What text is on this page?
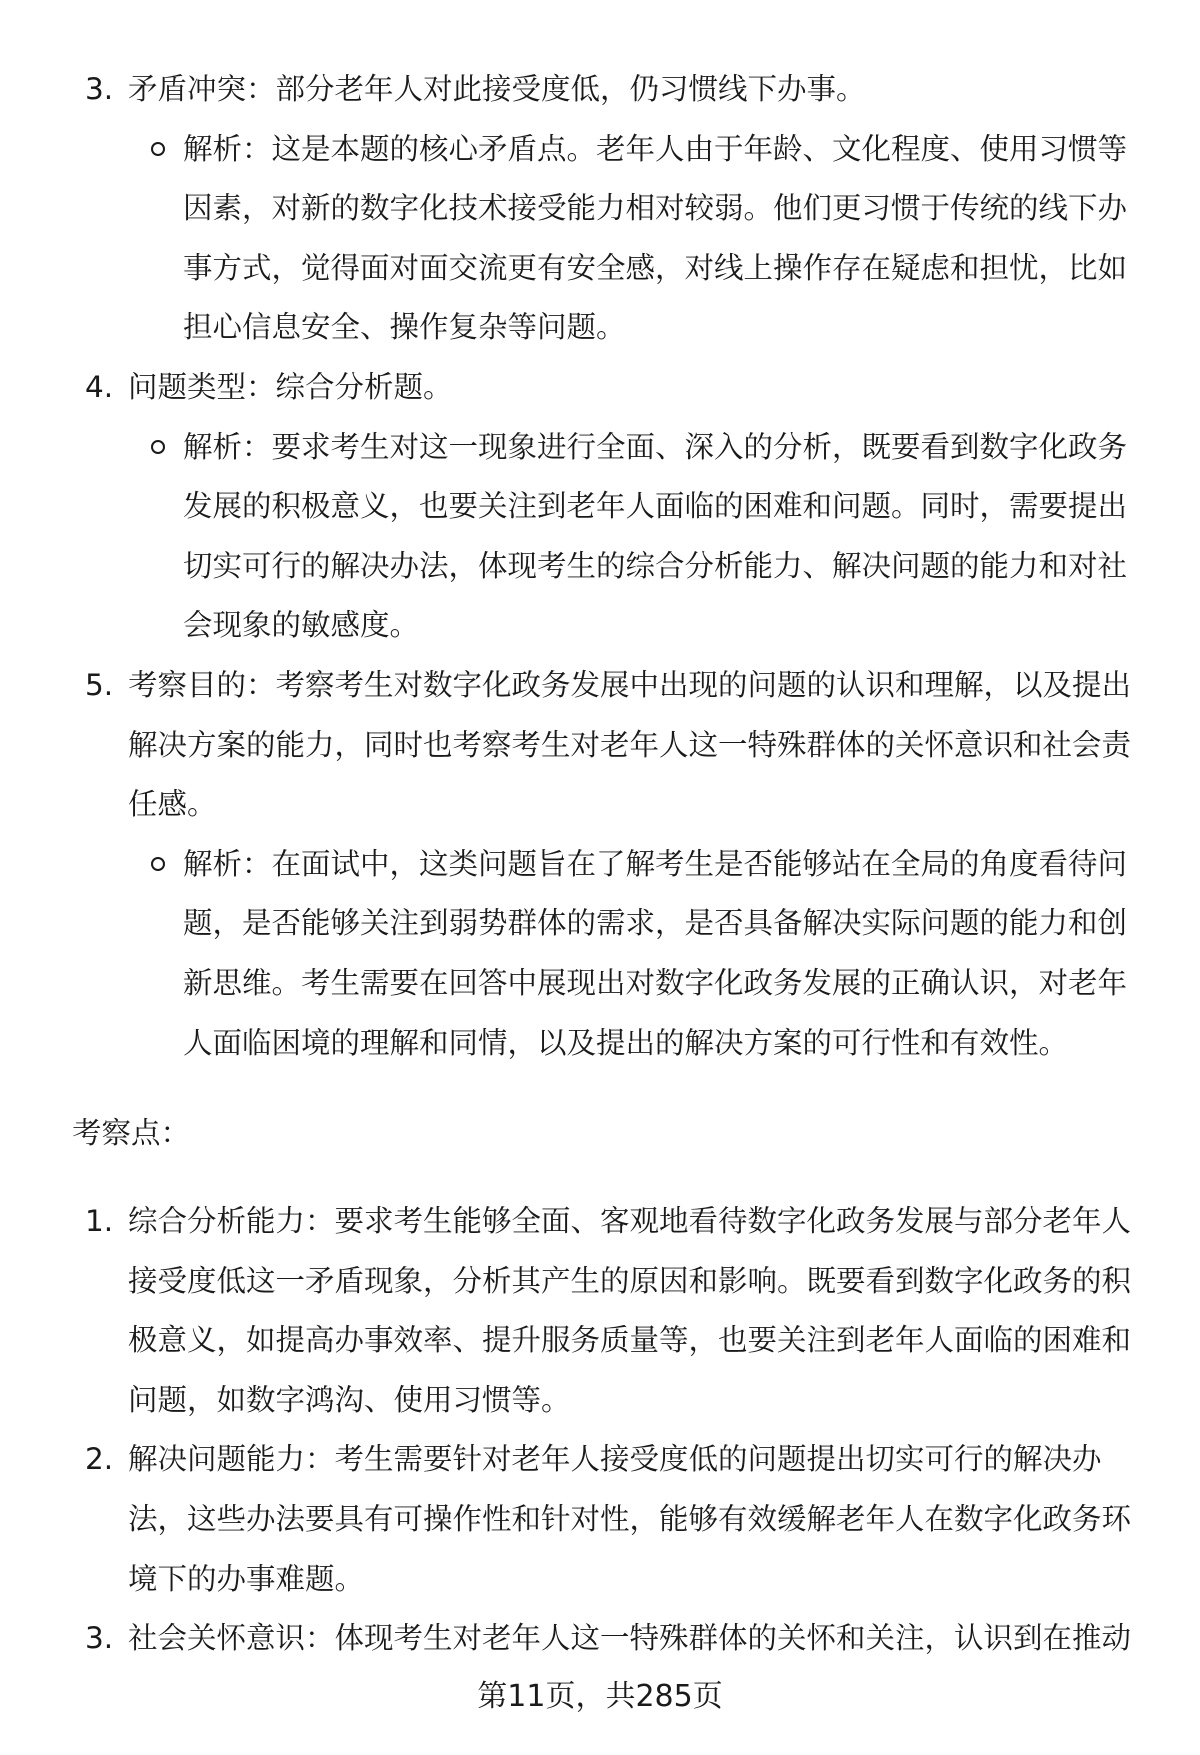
考察点：
第11页，共285页
3. 矛盾冲突：部分老年人对此接受度低，仍习惯线下办事。
解析：这是本题的核心矛盾点。老年人由于年龄、文化程度、使用习惯等
因素，对新的数字化技术接受能力相对较弱。他们更习惯于传统的线下办
事方式，觉得面对面交流更有安全感，对线上操作存在疑虑和担忧，比如
担心信息安全、操作复杂等问题。
4. 问题类型：综合分析题。
解析：要求考生对这一现象进行全面、深入的分析，既要看到数字化政务
发展的积极意义，也要关注到老年人面临的困难和问题。同时，需要提出
切实可行的解决办法，体现考生的综合分析能力、解决问题的能力和对社
会现象的敏感度。
5. 考察目的：考察考生对数字化政务发展中出现的问题的认识和理解，以及提出
解决方案的能力，同时也考察考生对老年人这一特殊群体的关怀意识和社会责
任感。
解析：在面试中，这类问题旨在了解考生是否能够站在全局的角度看待问
题，是否能够关注到弱势群体的需求，是否具备解决实际问题的能力和创
新思维。考生需要在回答中展现出对数字化政务发展的正确认识，对老年
人面临困境的理解和同情，以及提出的解决方案的可行性和有效性。
1. 综合分析能力：要求考生能够全面、客观地看待数字化政务发展与部分老年人
接受度低这一矛盾现象，分析其产生的原因和影响。既要看到数字化政务的积
极意义，如提高办事效率、提升服务质量等，也要关注到老年人面临的困难和
问题，如数字鸿沟、使用习惯等。
2. 解决问题能力：考生需要针对老年人接受度低的问题提出切实可行的解决办
法，这些办法要具有可操作性和针对性，能够有效缓解老年人在数字化政务环
境下的办事难题。
3. 社会关怀意识：体现考生对老年人这一特殊群体的关怀和关注，认识到在推动
